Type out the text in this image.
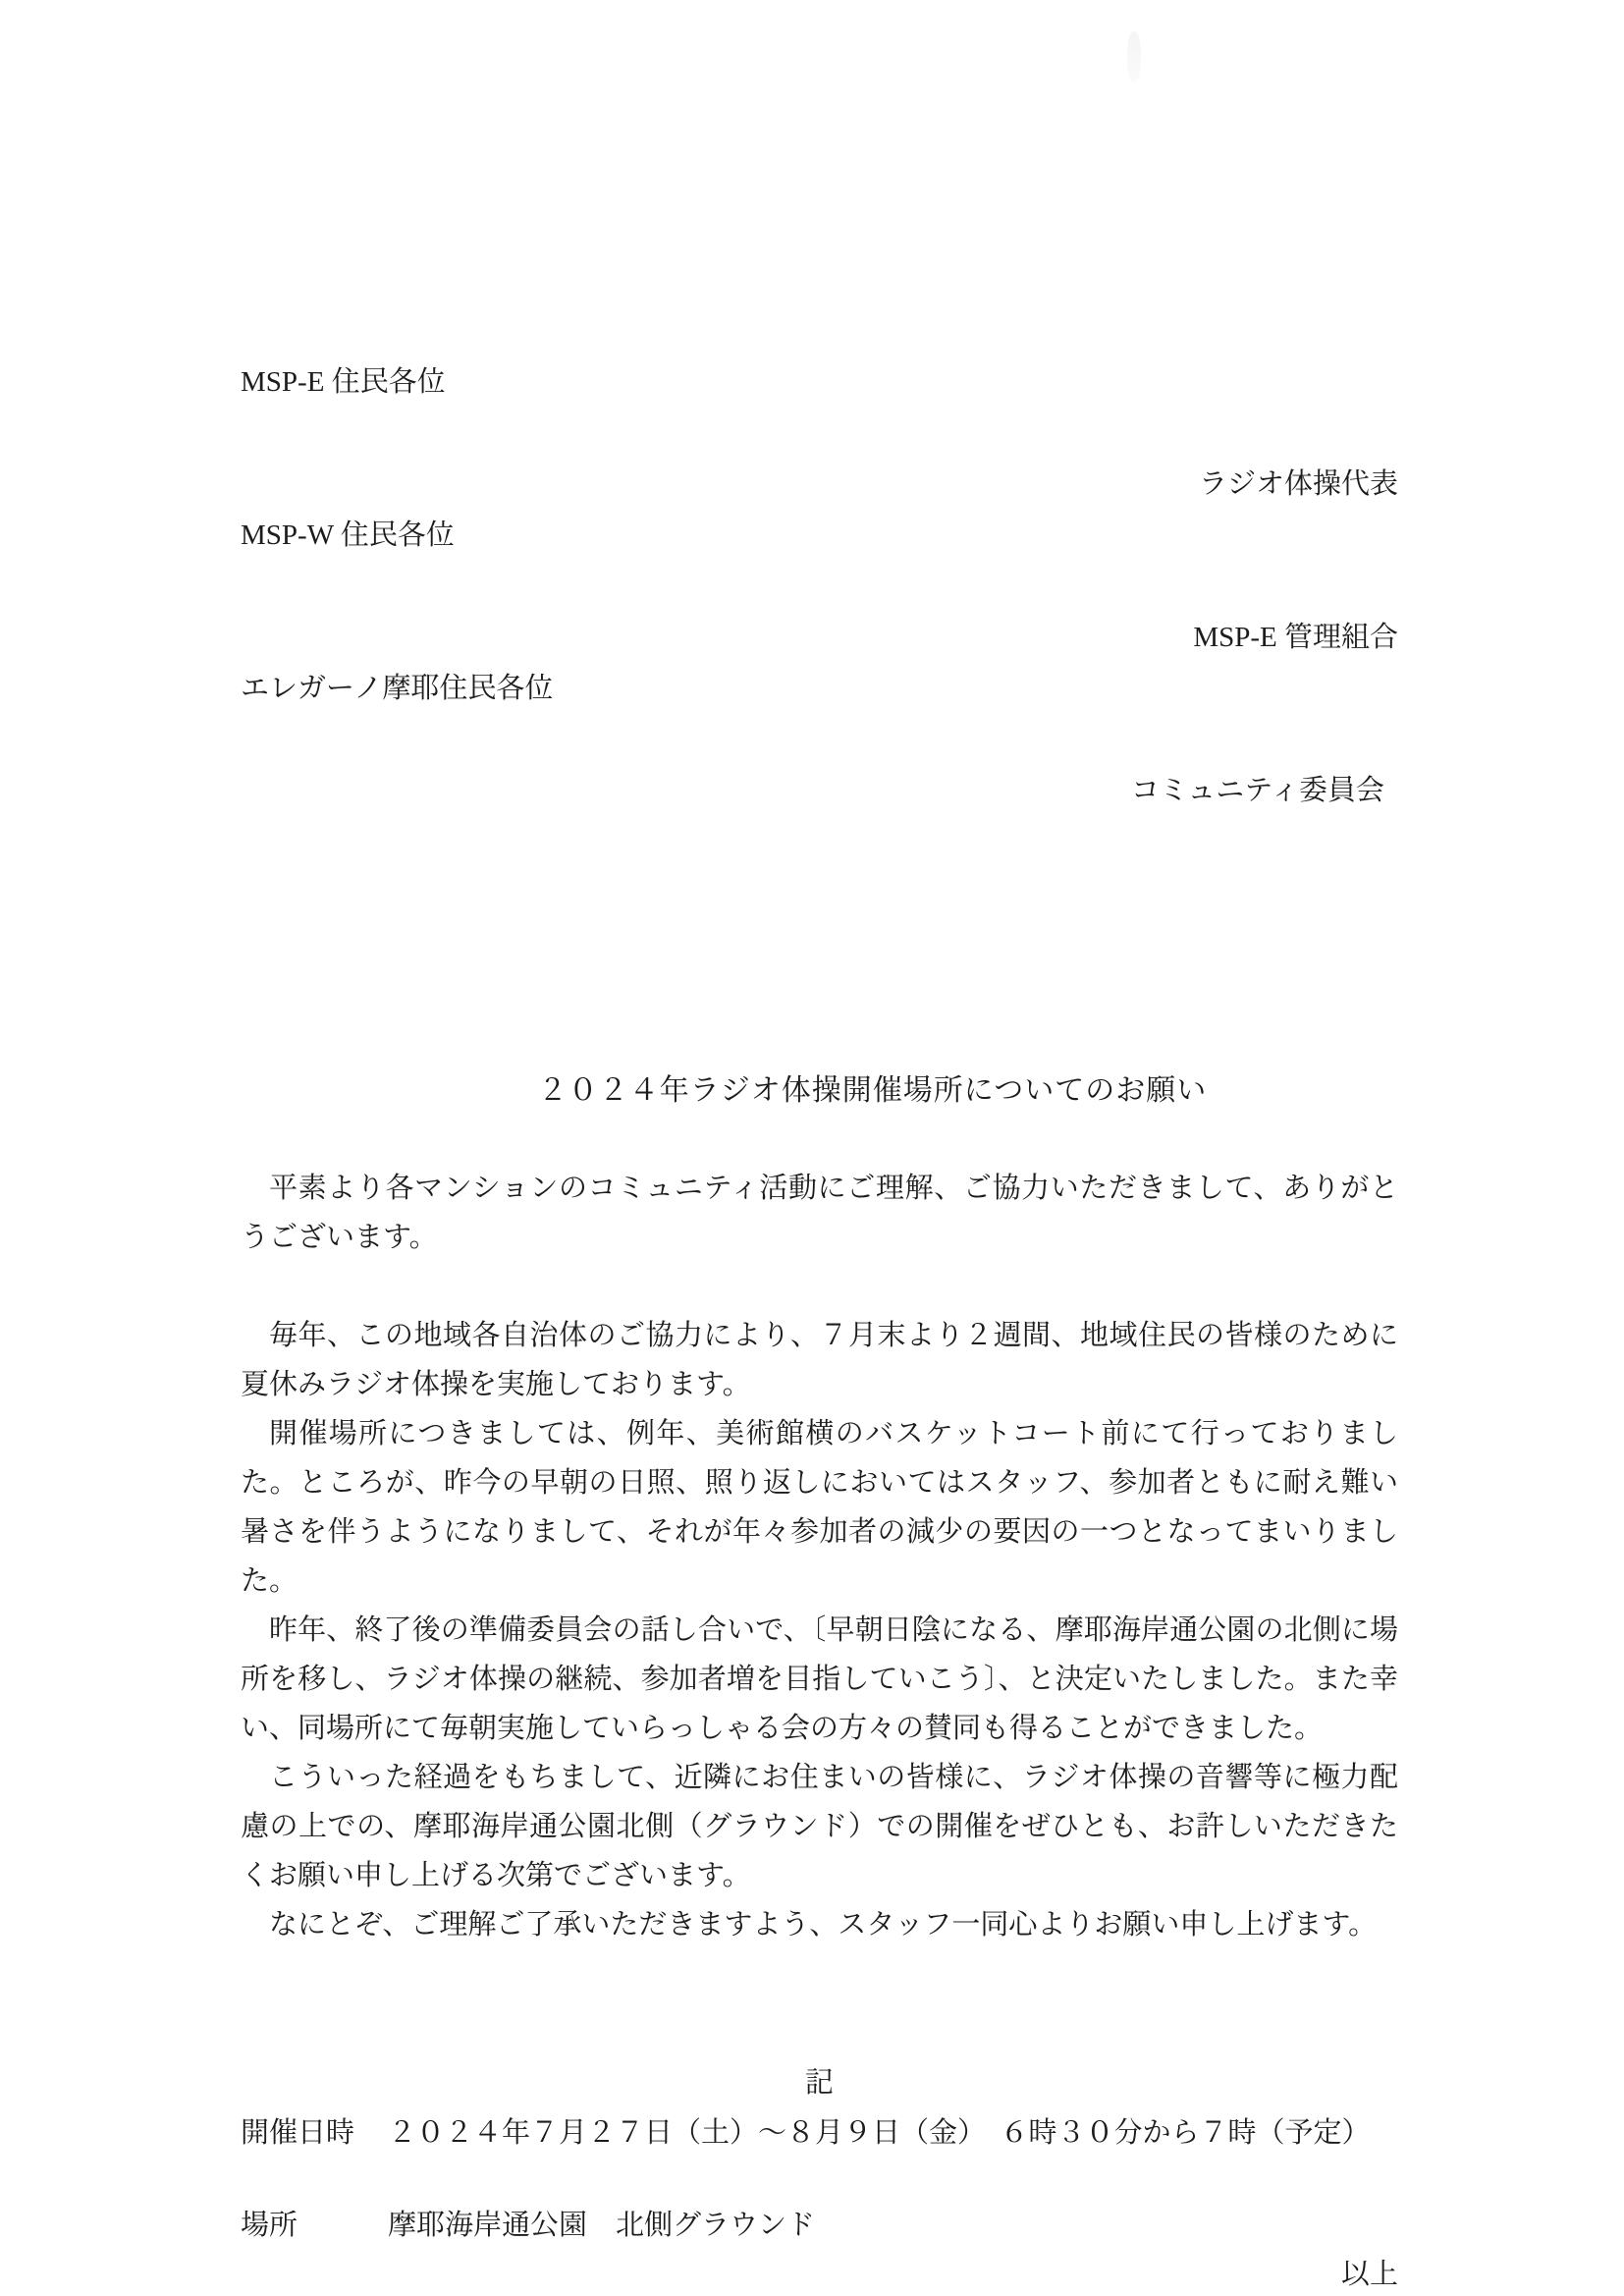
MSP-E 住民各位

MSP-W 住民各位

エレガーノ摩耶住民各位

ラジオ体操代表

MSP-E 管理組合

コミュニティ委員会

２０２４年ラジオ体操開催場所についてのお願い

平素より各マンションのコミュニティ活動にご理解、ご協力いただきまして、ありがとうございます。

毎年、この地域各自治体のご協力により、７月末より２週間、地域住民の皆様のために夏休みラジオ体操を実施しております。

開催場所につきましては、例年、美術館横のバスケットコート前にて行っておりました。ところが、昨今の早朝の日照、照り返しにおいてはスタッフ、参加者ともに耐え難い暑さを伴うようになりまして、それが年々参加者の減少の要因の一つとなってまいりました。

昨年、終了後の準備委員会の話し合いで、〔早朝日陰になる、摩耶海岸通公園の北側に場所を移し、ラジオ体操の継続、参加者増を目指していこう〕、と決定いたしました。また幸い、同場所にて毎朝実施していらっしゃる会の方々の賛同も得ることができました。

こういった経過をもちまして、近隣にお住まいの皆様に、ラジオ体操の音響等に極力配慮の上での、摩耶海岸通公園北側（グラウンド）での開催をぜひとも、お許しいただきたくお願い申し上げる次第でございます。

なにとぞ、ご理解ご了承いただきますよう、スタッフ一同心よりお願い申し上げます。

記
開催日時	２０２４年７月２７日（土）～８月９日（金）　６時３０分から７時（予定）
場所	摩耶海岸通公園　北側グラウンド
以上
